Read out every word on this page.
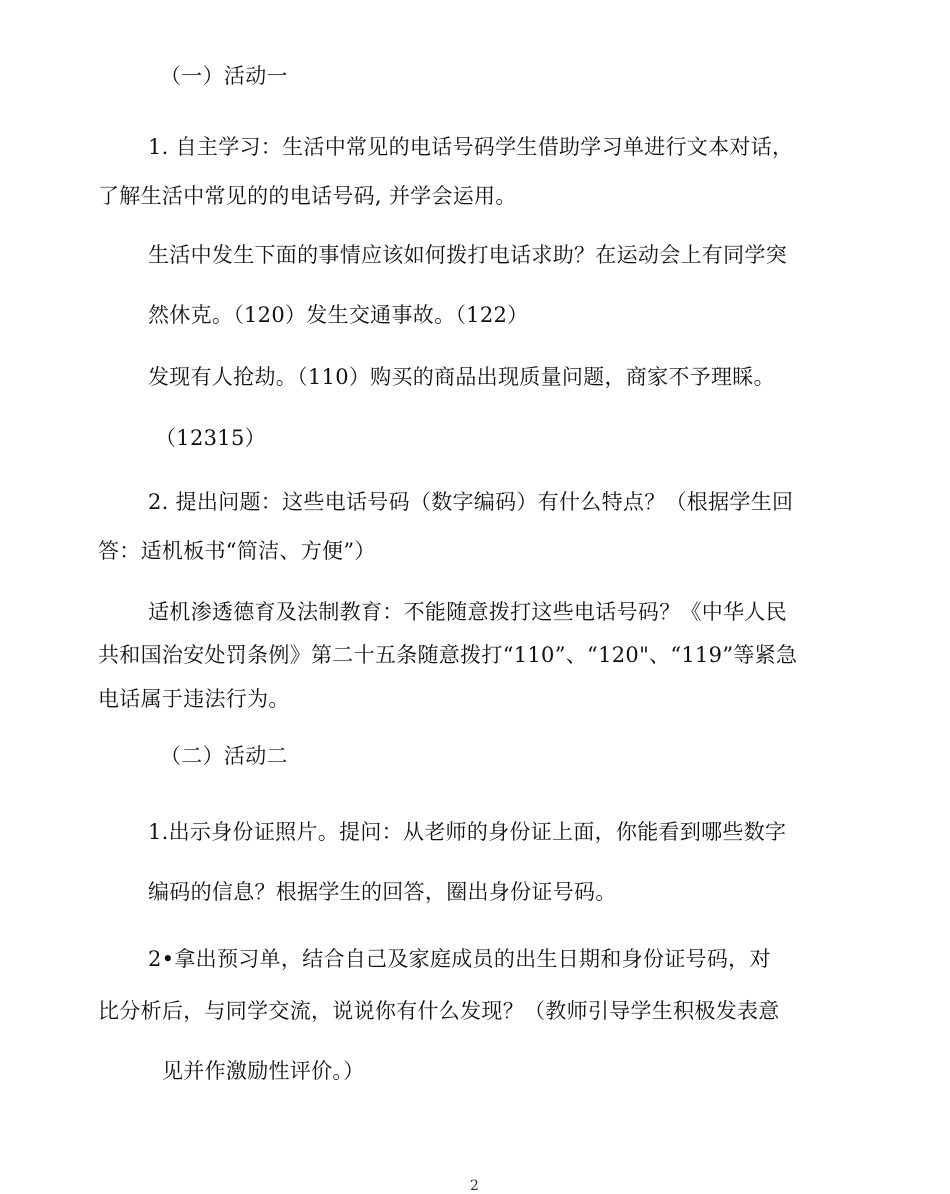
（一）活动一
1. 自主学习：生活中常见的电话号码学生借助学习单进行文本对话，
了解生活中常见的的电话号码, 并学会运用。
生活中发生下面的事情应该如何拨打电话求助？在运动会上有同学突
然休克。（120）发生交通事故。（122）
发现有人抢劫。（110）购买的商品出现质量问题，商家不予理睬。
（12315）
2. 提出问题：这些电话号码（数字编码）有什么特点？（根据学生回
答：适机板书“简洁、方便”）
适机渗透德育及法制教育：不能随意拨打这些电话号码？《中华人民
共和国治安处罚条例》第二十五条随意拨打“110”、“120"、“119”等紧急
电话属于违法行为。
（二）活动二
1.出示身份证照片。提问：从老师的身份证上面，你能看到哪些数字
编码的信息？根据学生的回答，圈出身份证号码。
2•拿出预习单，结合自己及家庭成员的出生日期和身份证号码，对
比分析后，与同学交流，说说你有什么发现？（教师引导学生积极发表意
见并作激励性评价。）
2
